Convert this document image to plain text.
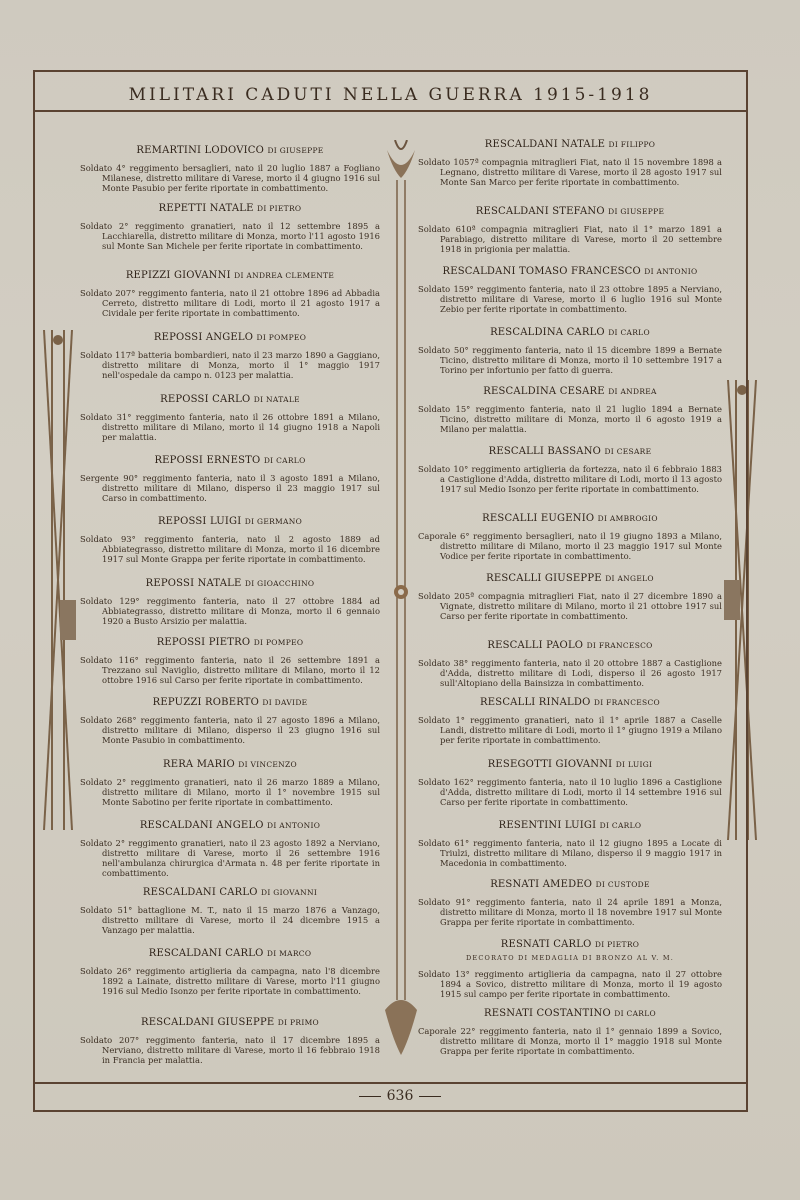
MILITARI CADUTI NELLA GUERRA 1915-1918
636
REMARTINI LODOVICO DI GIUSEPPE
Soldato 4° reggimento bersaglieri, nato il 20 luglio 1887 a Fogliano Milanese, distretto militare di Varese, morto il 4 giugno 1916 sul Monte Pasubio per ferite riportate in combattimento.
REPETTI NATALE DI PIETRO
Soldato 2° reggimento granatieri, nato il 12 settembre 1895 a Lacchiarella, distretto militare di Monza, morto l'11 agosto 1916 sul Monte San Michele per ferite riportate in combattimento.
REPIZZI GIOVANNI DI ANDREA CLEMENTE
Soldato 207° reggimento fanteria, nato il 21 ottobre 1896 ad Abbadia Cerreto, distretto militare di Lodi, morto il 21 agosto 1917 a Cividale per ferite riportate in combattimento.
REPOSSI ANGELO DI POMPEO
Soldato 117ª batteria bombardieri, nato il 23 marzo 1890 a Gaggiano, distretto militare di Monza, morto il 1° maggio 1917 nell'ospedale da campo n. 0123 per malattia.
REPOSSI CARLO DI NATALE
Soldato 31° reggimento fanteria, nato il 26 ottobre 1891 a Milano, distretto militare di Milano, morto il 14 giugno 1918 a Napoli per malattia.
REPOSSI ERNESTO DI CARLO
Sergente 90° reggimento fanteria, nato il 3 agosto 1891 a Milano, distretto militare di Milano, disperso il 23 maggio 1917 sul Carso in combattimento.
REPOSSI LUIGI DI GERMANO
Soldato 93° reggimento fanteria, nato il 2 agosto 1889 ad Abbiategrasso, distretto militare di Monza, morto il 16 dicembre 1917 sul Monte Grappa per ferite riportate in combattimento.
REPOSSI NATALE DI GIOACCHINO
Soldato 129° reggimento fanteria, nato il 27 ottobre 1884 ad Abbiategrasso, distretto militare di Monza, morto il 6 gennaio 1920 a Busto Arsizio per malattia.
REPOSSI PIETRO DI POMPEO
Soldato 116° reggimento fanteria, nato il 26 settembre 1891 a Trezzano sul Naviglio, distretto militare di Milano, morto il 12 ottobre 1916 sul Carso per ferite riportate in combattimento.
REPUZZI ROBERTO DI DAVIDE
Soldato 268° reggimento fanteria, nato il 27 agosto 1896 a Milano, distretto militare di Milano, disperso il 23 giugno 1916 sul Monte Pasubio in combattimento.
RERA MARIO DI VINCENZO
Soldato 2° reggimento granatieri, nato il 26 marzo 1889 a Milano, distretto militare di Milano, morto il 1° novembre 1915 sul Monte Sabotino per ferite riportate in combattimento.
RESCALDANI ANGELO DI ANTONIO
Soldato 2° reggimento granatieri, nato il 23 agosto 1892 a Nerviano, distretto militare di Varese, morto il 26 settembre 1916 nell'ambulanza chirurgica d'Armata n. 48 per ferite riportate in combattimento.
RESCALDANI CARLO DI GIOVANNI
Soldato 51° battaglione M. T., nato il 15 marzo 1876 a Vanzago, distretto militare di Varese, morto il 24 dicembre 1915 a Vanzago per malattia.
RESCALDANI CARLO DI MARCO
Soldato 26° reggimento artiglieria da campagna, nato l'8 dicembre 1892 a Lainate, distretto militare di Varese, morto l'11 giugno 1916 sul Medio Isonzo per ferite riportate in combattimento.
RESCALDANI GIUSEPPE DI PRIMO
Soldato 207° reggimento fanteria, nato il 17 dicembre 1895 a Nerviano, distretto militare di Varese, morto il 16 febbraio 1918 in Francia per malattia.
RESCALDANI NATALE DI FILIPPO
Soldato 1057ª compagnia mitraglieri Fiat, nato il 15 novembre 1898 a Legnano, distretto militare di Varese, morto il 28 agosto 1917 sul Monte San Marco per ferite riportate in combattimento.
RESCALDANI STEFANO DI GIUSEPPE
Soldato 610ª compagnia mitraglieri Fiat, nato il 1° marzo 1891 a Parabiago, distretto militare di Varese, morto il 20 settembre 1918 in prigionia per malattia.
RESCALDANI TOMASO FRANCESCO DI ANTONIO
Soldato 159° reggimento fanteria, nato il 23 ottobre 1895 a Nerviano, distretto militare di Varese, morto il 6 luglio 1916 sul Monte Zebio per ferite riportate in combattimento.
RESCALDINA CARLO DI CARLO
Soldato 50° reggimento fanteria, nato il 15 dicembre 1899 a Bernate Ticino, distretto militare di Monza, morto il 10 settembre 1917 a Torino per infortunio per fatto di guerra.
RESCALDINA CESARE DI ANDREA
Soldato 15° reggimento fanteria, nato il 21 luglio 1894 a Bernate Ticino, distretto militare di Monza, morto il 6 agosto 1919 a Milano per malattia.
RESCALLI BASSANO DI CESARE
Soldato 10° reggimento artiglieria da fortezza, nato il 6 febbraio 1883 a Castiglione d'Adda, distretto militare di Lodi, morto il 13 agosto 1917 sul Medio Isonzo per ferite riportate in combattimento.
RESCALLI EUGENIO DI AMBROGIO
Caporale 6° reggimento bersaglieri, nato il 19 giugno 1893 a Milano, distretto militare di Milano, morto il 23 maggio 1917 sul Monte Vodice per ferite riportate in combattimento.
RESCALLI GIUSEPPE DI ANGELO
Soldato 205ª compagnia mitraglieri Fiat, nato il 27 dicembre 1890 a Vignate, distretto militare di Milano, morto il 21 ottobre 1917 sul Carso per ferite riportate in combattimento.
RESCALLI PAOLO DI FRANCESCO
Soldato 38° reggimento fanteria, nato il 20 ottobre 1887 a Castiglione d'Adda, distretto militare di Lodi, disperso il 26 agosto 1917 sull'Altopiano della Bainsizza in combattimento.
RESCALLI RINALDO DI FRANCESCO
Soldato 1° reggimento granatieri, nato il 1° aprile 1887 a Caselle Landi, distretto militare di Lodi, morto il 1° giugno 1919 a Milano per ferite riportate in combattimento.
RESEGOTTI GIOVANNI DI LUIGI
Soldato 162° reggimento fanteria, nato il 10 luglio 1896 a Castiglione d'Adda, distretto militare di Lodi, morto il 14 settembre 1916 sul Carso per ferite riportate in combattimento.
RESENTINI LUIGI DI CARLO
Soldato 61° reggimento fanteria, nato il 12 giugno 1895 a Locate di Triulzi, distretto militare di Milano, disperso il 9 maggio 1917 in Macedonia in combattimento.
RESNATI AMEDEO DI CUSTODE
Soldato 91° reggimento fanteria, nato il 24 aprile 1891 a Monza, distretto militare di Monza, morto il 18 novembre 1917 sul Monte Grappa per ferite riportate in combattimento.
RESNATI CARLO DI PIETRO
DECORATO DI MEDAGLIA DI BRONZO AL V. M.
Soldato 13° reggimento artiglieria da campagna, nato il 27 ottobre 1894 a Sovico, distretto militare di Monza, morto il 19 agosto 1915 sul campo per ferite riportate in combattimento.
RESNATI COSTANTINO DI CARLO
Caporale 22° reggimento fanteria, nato il 1° gennaio 1899 a Sovico, distretto militare di Monza, morto il 1° maggio 1918 sul Monte Grappa per ferite riportate in combattimento.
